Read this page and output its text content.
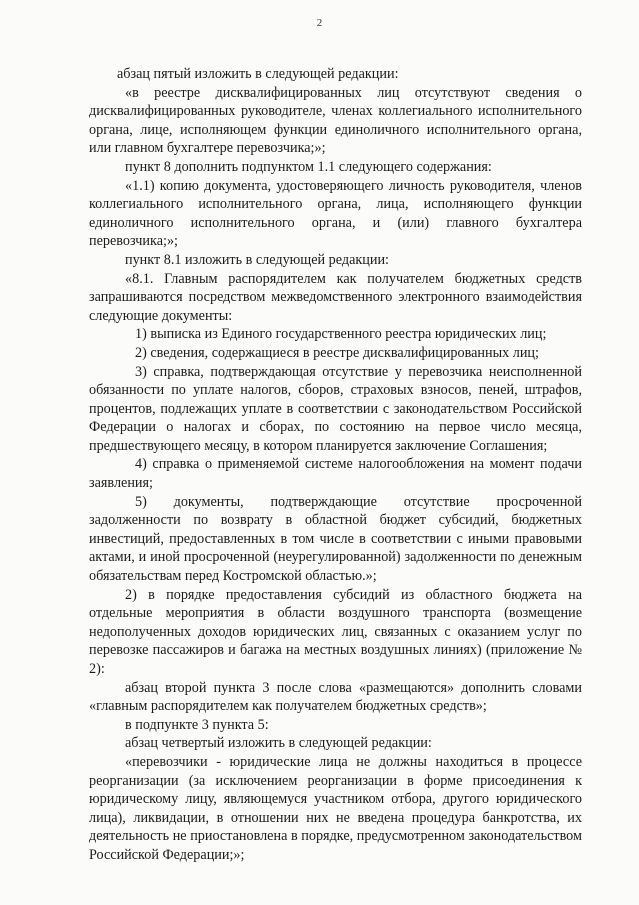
2

абзац пятый изложить в следующей редакции:

«в реестре дисквалифицированных лиц отсутствуют сведения о дисквалифицированных руководителе, членах коллегиального исполнительного органа, лице, исполняющем функции единоличного исполнительного органа, или главном бухгалтере перевозчика;»;

пункт 8 дополнить подпунктом 1.1 следующего содержания:

«1.1) копию документа, удостоверяющего личность руководителя, членов коллегиального исполнительного органа, лица, исполняющего функции единоличного исполнительного органа, и (или) главного бухгалтера перевозчика;»;

пункт 8.1 изложить в следующей редакции:

«8.1. Главным распорядителем как получателем бюджетных средств запрашиваются посредством межведомственного электронного взаимодействия следующие документы:

1) выписка из Единого государственного реестра юридических лиц;

2) сведения, содержащиеся в реестре дисквалифицированных лиц;

3) справка, подтверждающая отсутствие у перевозчика неисполненной обязанности по уплате налогов, сборов, страховых взносов, пеней, штрафов, процентов, подлежащих уплате в соответствии с законодательством Российской Федерации о налогах и сборах, по состоянию на первое число месяца, предшествующего месяцу, в котором планируется заключение Соглашения;

4) справка о применяемой системе налогообложения на момент подачи заявления;

5) документы, подтверждающие отсутствие просроченной задолженности по возврату в областной бюджет субсидий, бюджетных инвестиций, предоставленных в том числе в соответствии с иными правовыми актами, и иной просроченной (неурегулированной) задолженности по денежным обязательствам перед Костромской областью.»;

2) в порядке предоставления субсидий из областного бюджета на отдельные мероприятия в области воздушного транспорта (возмещение недополученных доходов юридических лиц, связанных с оказанием услуг по перевозке пассажиров и багажа на местных воздушных линиях) (приложение № 2):

абзац второй пункта 3 после слова «размещаются» дополнить словами «главным распорядителем как получателем бюджетных средств»;

в подпункте 3 пункта 5:

абзац четвертый изложить в следующей редакции:

«перевозчики - юридические лица не должны находиться в процессе реорганизации (за исключением реорганизации в форме присоединения к юридическому лицу, являющемуся участником отбора, другого юридического лица), ликвидации, в отношении них не введена процедура банкротства, их деятельность не приостановлена в порядке, предусмотренном законодательством Российской Федерации;»;
